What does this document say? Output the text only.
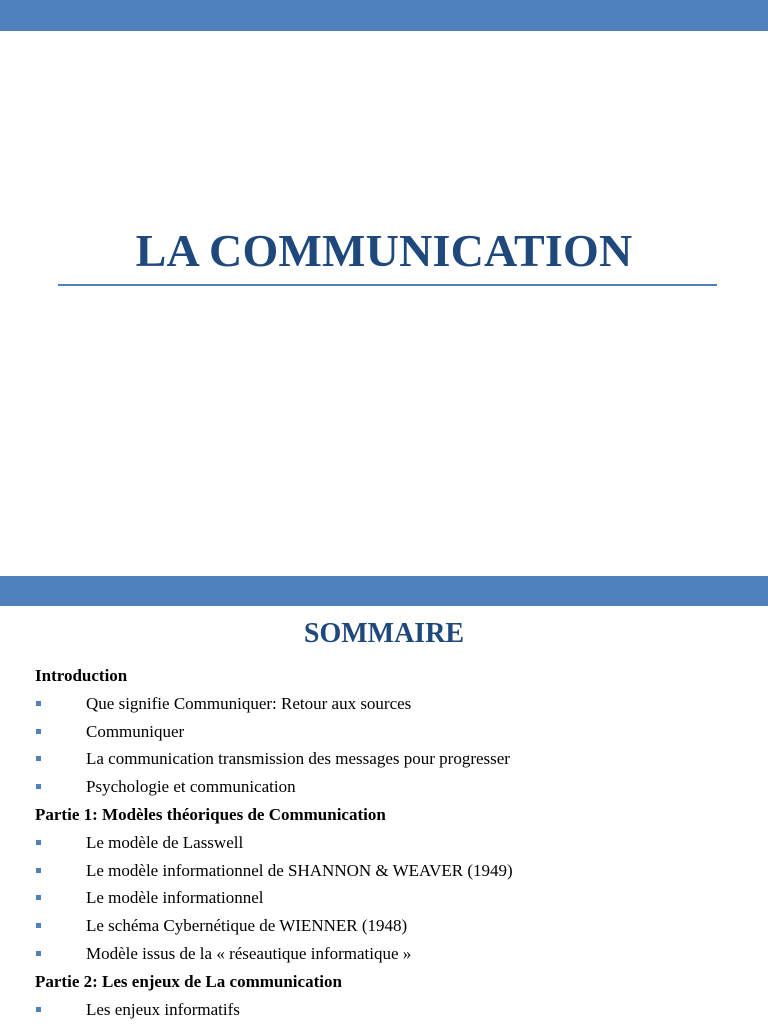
LA COMMUNICATION
SOMMAIRE
Introduction
Que signifie Communiquer: Retour aux sources
Communiquer
La communication transmission des messages pour progresser
Psychologie et communication
Partie 1: Modèles théoriques de Communication
Le modèle de Lasswell
Le modèle informationnel de SHANNON & WEAVER (1949)
Le modèle informationnel
Le schéma Cybernétique de WIENNER (1948)
Modèle issus de la « réseautique informatique »
Partie 2: Les enjeux de La communication
Les enjeux informatifs
